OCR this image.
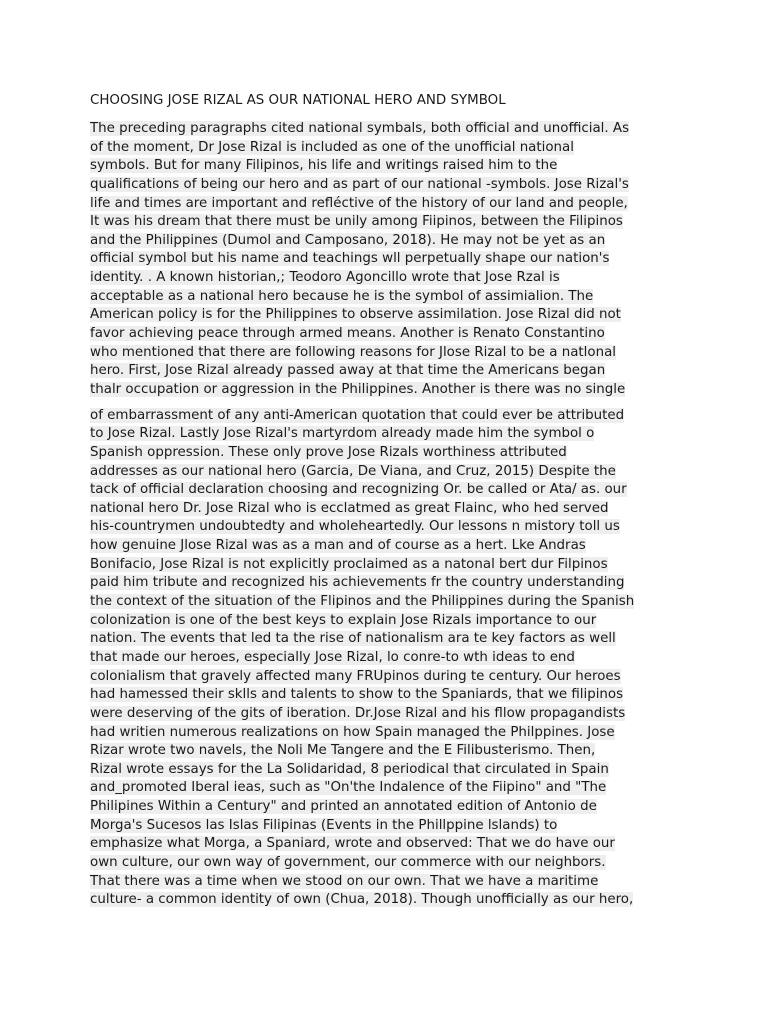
CHOOSING JOSE RIZAL AS OUR NATIONAL HERO AND SYMBOL
The preceding paragraphs cited national symbals, both official and unofficial. As
of the moment, Dr Jose Rizal is included as one of the unofficial national
symbols. But for many Filipinos, his life and writings raised him to the
qualifications of being our hero and as part of our national -symbols. Jose Rizal's
life and times are important and refléctive of the history of our land and people,
It was his dream that there must be unily among Fiipinos, between the Filipinos
and the Philippines (Dumol and Camposano, 2018). He may not be yet as an
official symbol but his name and teachings wll perpetually shape our nation's
identity. . A known historian,; Teodoro Agoncillo wrote that Jose Rzal is
acceptable as a national hero because he is the symbol of assimialion. The
American policy is for the Philippines to observe assimilation. Jose Rizal did not
favor achieving peace through armed means. Another is Renato Constantino
who mentioned that there are following reasons for Jlose Rizal to be a natlonal
hero. First, Jose Rizal already passed away at that time the Americans began
thalr occupation or aggression in the Philippines. Another is there was no single
of embarrassment of any anti-American quotation that could ever be attributed
to Jose Rizal. Lastly Jose Rizal's martyrdom already made him the symbol o
Spanish oppression. These only prove Jose Rizals worthiness attributed
addresses as our national hero (Garcia, De Viana, and Cruz, 2015) Despite the
tack of official declaration choosing and recognizing Or. be called or Ata/ as. our
national hero Dr. Jose Rizal who is ecclatmed as great Flainc, who hed served
his-countrymen undoubtedty and wholeheartedly. Our lessons n mistory toll us
how genuine Jlose Rizal was as a man and of course as a hert. Lke Andras
Bonifacio, Jose Rizal is not explicitly proclaimed as a natonal bert dur Filpinos
paid him tribute and recognized his achievements fr the country understanding
the context of the situation of the Flipinos and the Philippines during the Spanish
colonization is one of the best keys to explain Jose Rizals importance to our
nation. The events that led ta the rise of nationalism ara te key factors as well
that made our heroes, especially Jose Rizal, lo conre-to wth ideas to end
colonialism that gravely affected many FRUpinos during te century. Our heroes
had hamessed their sklls and talents to show to the Spaniards, that we filipinos
were deserving of the gits of iberation. Dr.Jose Rizal and his fllow propagandists
had writien numerous realizations on how Spain managed the Philppines. Jose
Rizar wrote two navels, the Noli Me Tangere and the E Filibusterismo. Then,
Rizal wrote essays for the La Solidaridad, 8 periodical that circulated in Spain
and_promoted Iberal ieas, such as "On'the Indalence of the Fiipino" and "The
Philipines Within a Century" and printed an annotated edition of Antonio de
Morga's Sucesos las Islas Filipinas (Events in the Phillppine lslands) to
emphasize what Morga, a Spaniard, wrote and observed: That we do have our
own culture, our own way of government, our commerce with our neighbors.
That there was a time when we stood on our own. That we have a maritime
culture- a common identity of own (Chua, 2018). Though unofficially as our hero,
